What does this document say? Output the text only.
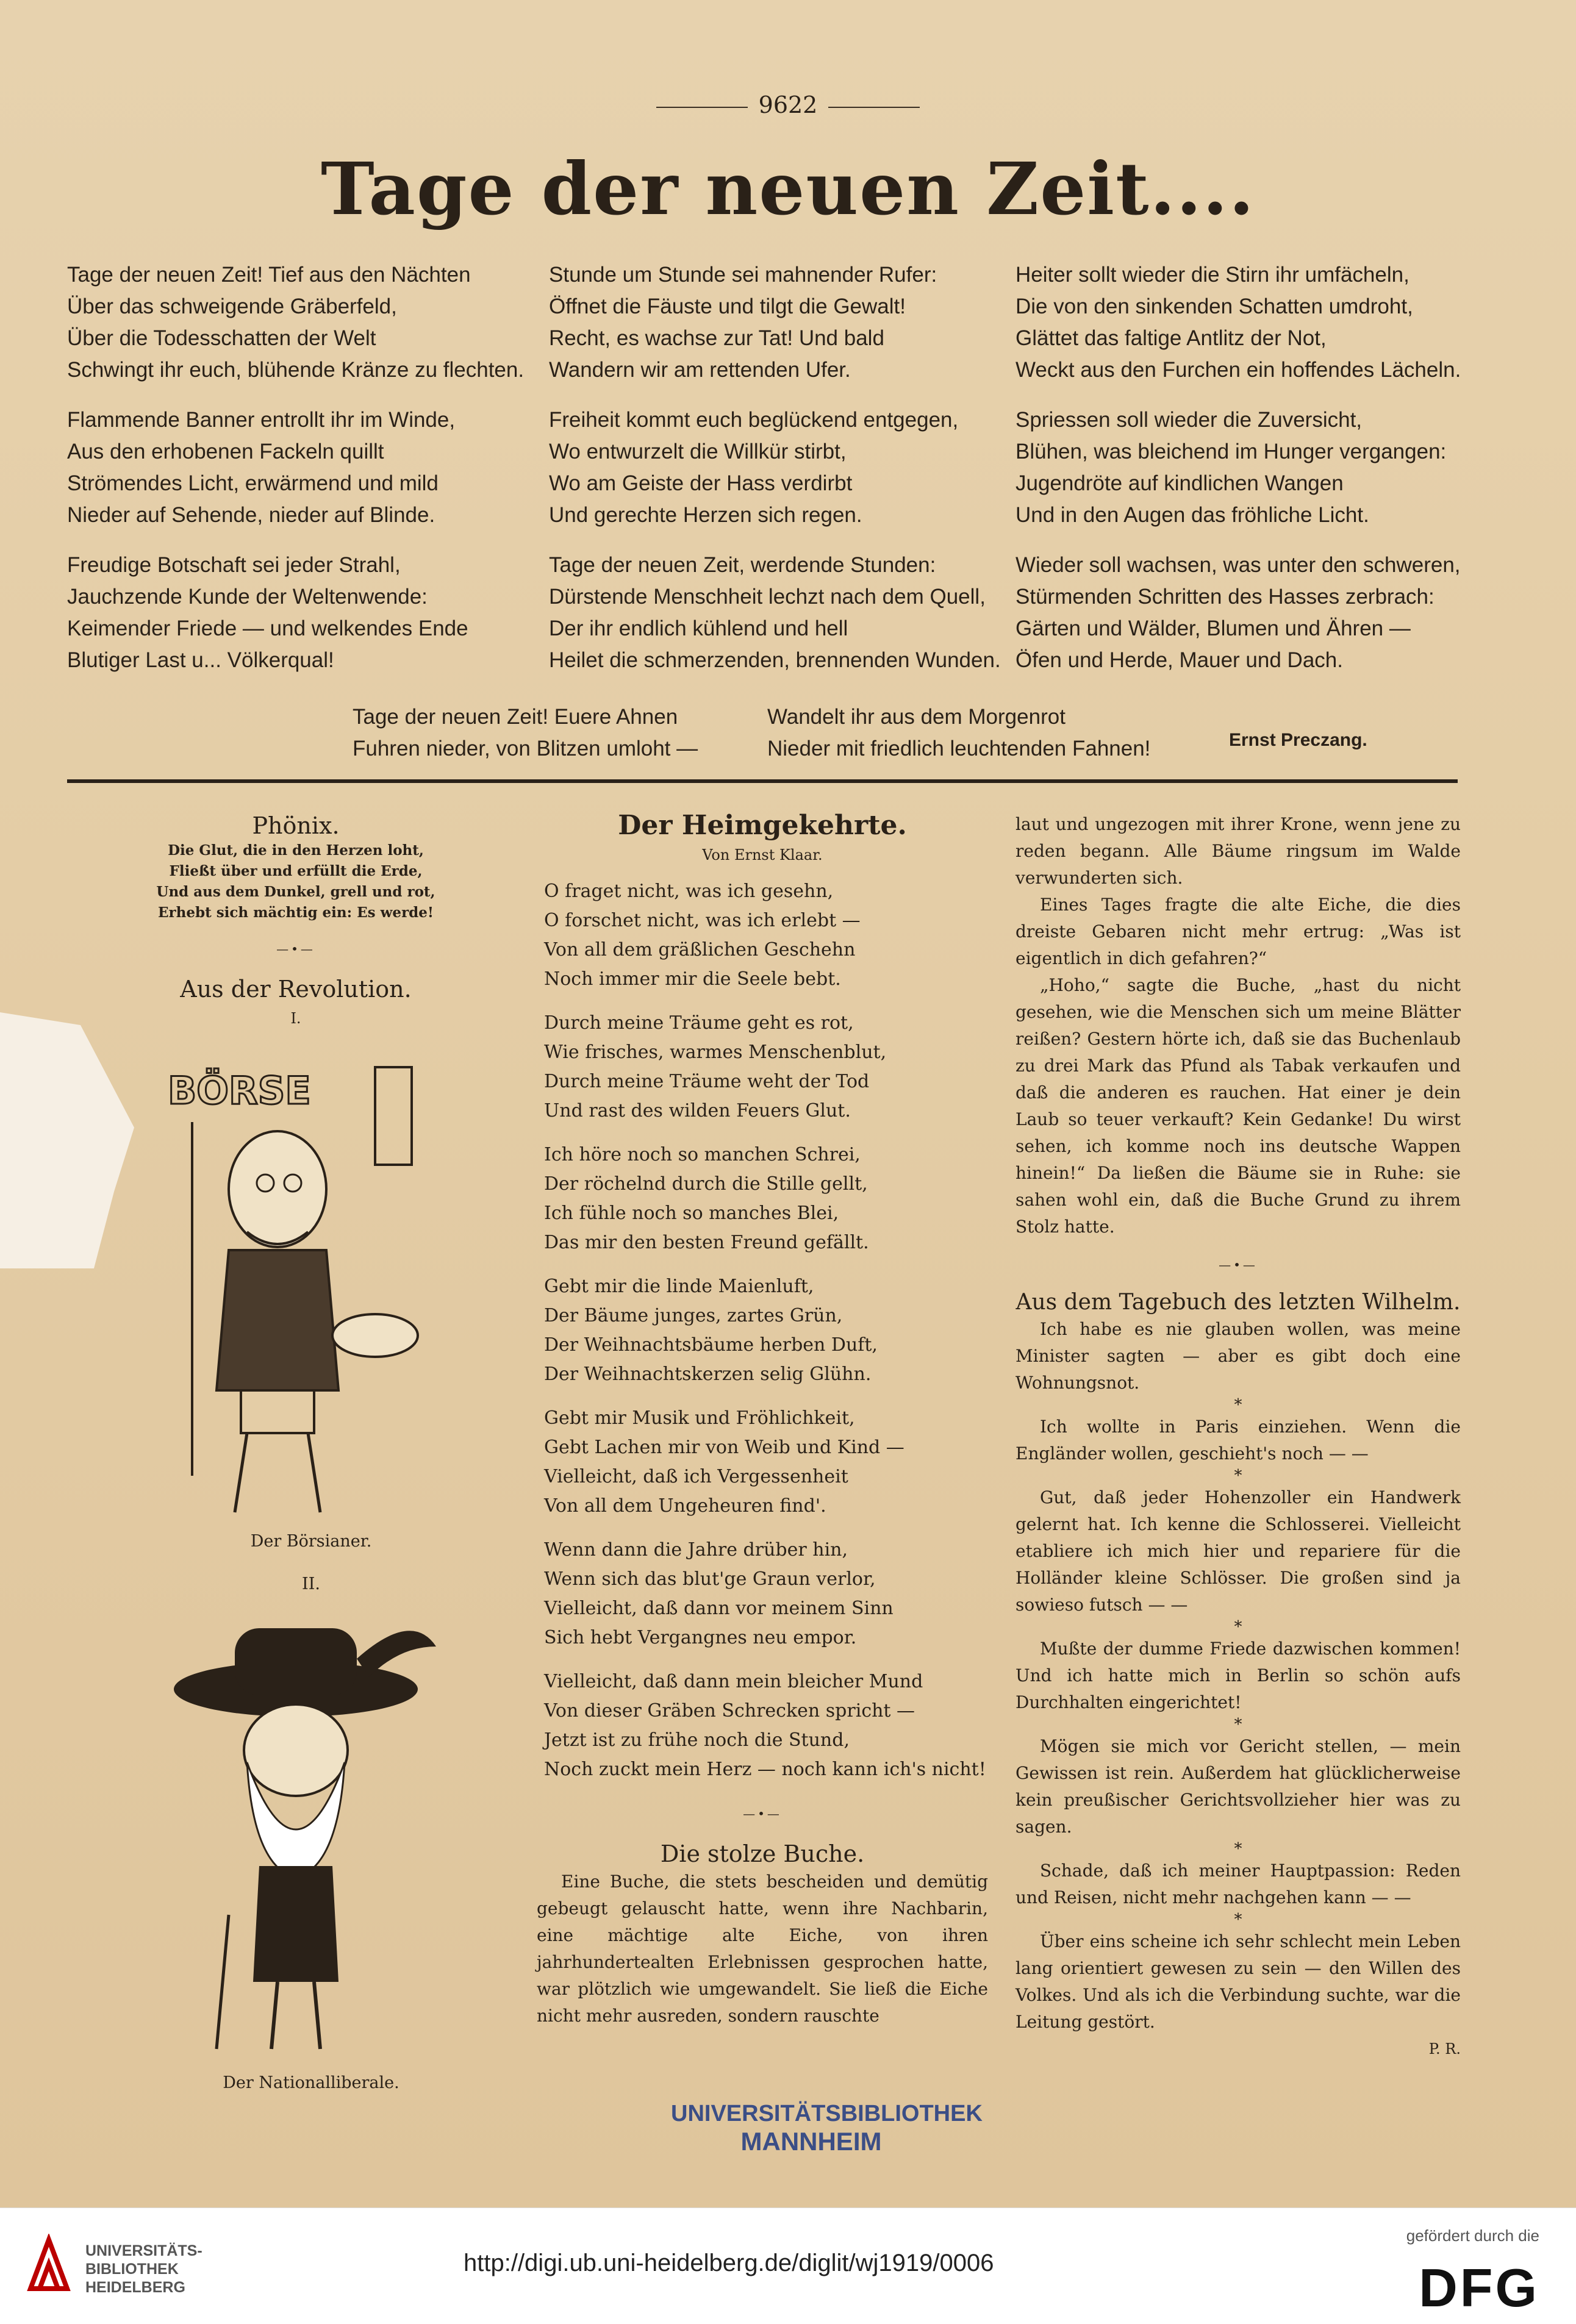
9622
Tage der neuen Zeit....
Tage der neuen Zeit! Tief aus den Nächten
Über das schweigende Gräberfeld,
Über die Todesschatten der Welt
Schwingt ihr euch, blühende Kränze zu flechten.
Flammende Banner entrollt ihr im Winde,
Aus den erhobenen Fackeln quillt
Strömendes Licht, erwärmend und mild
Nieder auf Sehende, nieder auf Blinde.
Freudige Botschaft sei jeder Strahl,
Jauchzende Kunde der Weltenwende:
Keimender Friede — und welkendes Ende
Blutiger Last u... Völkerqual!
Stunde um Stunde sei mahnender Rufer:
Öffnet die Fäuste und tilgt die Gewalt!
Recht, es wachse zur Tat! Und bald
Wandern wir am rettenden Ufer.
Freiheit kommt euch beglückend entgegen,
Wo entwurzelt die Willkür stirbt,
Wo am Geiste der Hass verdirbt
Und gerechte Herzen sich regen.
Tage der neuen Zeit, werdende Stunden:
Dürstende Menschheit lechzt nach dem Quell,
Der ihr endlich kühlend und hell
Heilet die schmerzenden, brennenden Wunden.
Heiter sollt wieder die Stirn ihr umfächeln,
Die von den sinkenden Schatten umdroht,
Glättet das faltige Antlitz der Not,
Weckt aus den Furchen ein hoffendes Lächeln.
Spriessen soll wieder die Zuversicht,
Blühen, was bleichend im Hunger vergangen:
Jugendröte auf kindlichen Wangen
Und in den Augen das fröhliche Licht.
Wieder soll wachsen, was unter den schweren,
Stürmenden Schritten des Hasses zerbrach:
Gärten und Wälder, Blumen und Ähren —
Öfen und Herde, Mauer und Dach.
Tage der neuen Zeit! Euere Ahnen
Fuhren nieder, von Blitzen umloht —
Wandelt ihr aus dem Morgenrot
Nieder mit friedlich leuchtenden Fahnen!	Ernst Preczang.
Phönix.
Die Glut, die in den Herzen loht,
Fließt über und erfüllt die Erde,
Und aus dem Dunkel, grell und rot,
Erhebt sich mächtig ein: Es werde!
—•—
Aus der Revolution.
I.
BÖRSE
Der Börsianer.
II.
Der Nationalliberale.
Der Heimgekehrte.
Von Ernst Klaar.
O fraget nicht, was ich gesehn,
O forschet nicht, was ich erlebt —
Von all dem gräßlichen Geschehn
Noch immer mir die Seele bebt.
Durch meine Träume geht es rot,
Wie frisches, warmes Menschenblut,
Durch meine Träume weht der Tod
Und rast des wilden Feuers Glut.
Ich höre noch so manchen Schrei,
Der röchelnd durch die Stille gellt,
Ich fühle noch so manches Blei,
Das mir den besten Freund gefällt.
Gebt mir die linde Maienluft,
Der Bäume junges, zartes Grün,
Der Weihnachtsbäume herben Duft,
Der Weihnachtskerzen selig Glühn.
Gebt mir Musik und Fröhlichkeit,
Gebt Lachen mir von Weib und Kind —
Vielleicht, daß ich Vergessenheit
Von all dem Ungeheuren find'.
Wenn dann die Jahre drüber hin,
Wenn sich das blut'ge Graun verlor,
Vielleicht, daß dann vor meinem Sinn
Sich hebt Vergangnes neu empor.
Vielleicht, daß dann mein bleicher Mund
Von dieser Gräben Schrecken spricht —
Jetzt ist zu frühe noch die Stund,
Noch zuckt mein Herz — noch kann ich's nicht!
—•—
Die stolze Buche.
Eine Buche, die stets bescheiden und demütig gebeugt gelauscht hatte, wenn ihre Nachbarin, eine mächtige alte Eiche, von ihren jahrhundertealten Erlebnissen gesprochen hatte, war plötzlich wie umgewandelt. Sie ließ die Eiche nicht mehr ausreden, sondern rauschte
laut und ungezogen mit ihrer Krone, wenn jene zu reden begann. Alle Bäume ringsum im Walde verwunderten sich.
Eines Tages fragte die alte Eiche, die dies dreiste Gebaren nicht mehr ertrug: „Was ist eigentlich in dich gefahren?“
„Hoho,“ sagte die Buche, „hast du nicht gesehen, wie die Menschen sich um meine Blätter reißen? Gestern hörte ich, daß sie das Buchenlaub zu drei Mark das Pfund als Tabak verkaufen und daß die anderen es rauchen. Hat einer je dein Laub so teuer verkauft? Kein Gedanke! Du wirst sehen, ich komme noch ins deutsche Wappen hinein!“ Da ließen die Bäume sie in Ruhe: sie sahen wohl ein, daß die Buche Grund zu ihrem Stolz hatte.
—•—
Aus dem Tagebuch des letzten Wilhelm.
Ich habe es nie glauben wollen, was meine Minister sagten — aber es gibt doch eine Wohnungsnot.
*
Ich wollte in Paris einziehen. Wenn die Engländer wollen, geschieht's noch — —
*
Gut, daß jeder Hohenzoller ein Handwerk gelernt hat. Ich kenne die Schlosserei. Vielleicht etabliere ich mich hier und repariere für die Holländer kleine Schlösser. Die großen sind ja sowieso futsch — —
*
Mußte der dumme Friede dazwischen kommen! Und ich hatte mich in Berlin so schön aufs Durchhalten eingerichtet!
*
Mögen sie mich vor Gericht stellen, — mein Gewissen ist rein. Außerdem hat glücklicherweise kein preußischer Gerichtsvollzieher hier was zu sagen.
*
Schade, daß ich meiner Hauptpassion: Reden und Reisen, nicht mehr nachgehen kann — —
*
Über eins scheine ich sehr schlecht mein Leben lang orientiert gewesen zu sein — den Willen des Volkes. Und als ich die Verbindung suchte, war die Leitung gestört.
P. R.
UNIVERSITÄTSBIBLIOTHEK
MANNHEIM
UNIVERSITÄTS-
BIBLIOTHEK
HEIDELBERG
http://digi.ub.uni-heidelberg.de/diglit/wj1919/0006
gefördert durch die
DFG
